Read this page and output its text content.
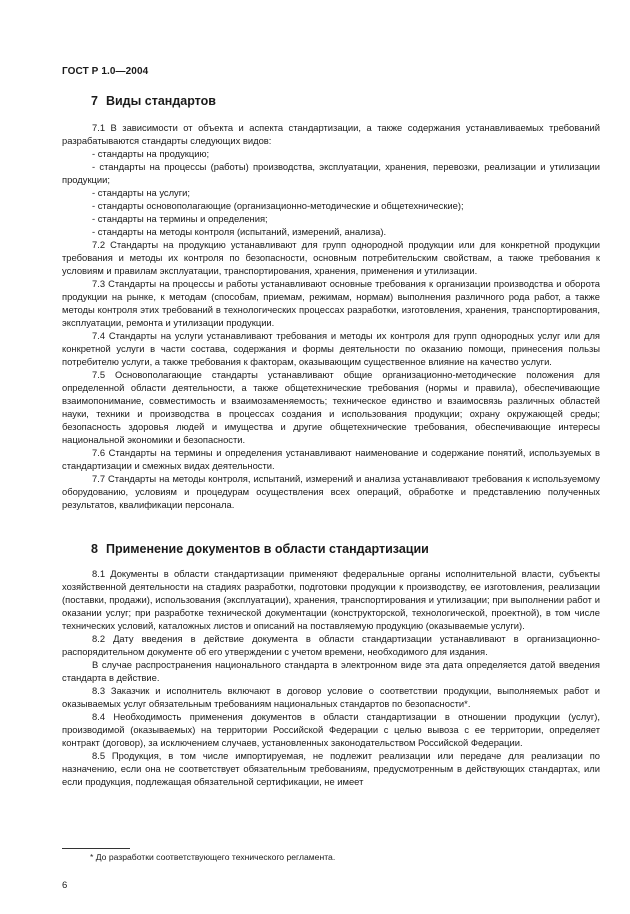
ГОСТ Р 1.0—2004
7 Виды стандартов

7.1 В зависимости от объекта и аспекта стандартизации, а также содержания устанавливаемых требований разрабатываются стандарты следующих видов:

- стандарты на продукцию;

- стандарты на процессы (работы) производства, эксплуатации, хранения, перевозки, реализации и утилизации продукции;

- стандарты на услуги;

- стандарты основополагающие (организационно-методические и общетехнические);

- стандарты на термины и определения;

- стандарты на методы контроля (испытаний, измерений, анализа).

7.2 Стандарты на продукцию устанавливают для групп однородной продукции или для конкретной продукции требования и методы их контроля по безопасности, основным потребительским свойствам, а также требования к условиям и правилам эксплуатации, транспортирования, хранения, применения и утилизации.

7.3 Стандарты на процессы и работы устанавливают основные требования к организации производства и оборота продукции на рынке, к методам (способам, приемам, режимам, нормам) выполнения различного рода работ, а также методы контроля этих требований в технологических процессах разработки, изготовления, хранения, транспортирования, эксплуатации, ремонта и утилизации продукции.

7.4 Стандарты на услуги устанавливают требования и методы их контроля для групп однородных услуг или для конкретной услуги в части состава, содержания и формы деятельности по оказанию помощи, принесения пользы потребителю услуги, а также требования к факторам, оказывающим существенное влияние на качество услуги.

7.5 Основополагающие стандарты устанавливают общие организационно-методические положения для определенной области деятельности, а также общетехнические требования (нормы и правила), обеспечивающие взаимопонимание, совместимость и взаимозаменяемость; техническое единство и взаимосвязь различных областей науки, техники и производства в процессах создания и использования продукции; охрану окружающей среды; безопасность здоровья людей и имущества и другие общетехнические требования, обеспечивающие интересы национальной экономики и безопасности.

7.6 Стандарты на термины и определения устанавливают наименование и содержание понятий, используемых в стандартизации и смежных видах деятельности.

7.7 Стандарты на методы контроля, испытаний, измерений и анализа устанавливают требования к используемому оборудованию, условиям и процедурам осуществления всех операций, обработке и представлению полученных результатов, квалификации персонала.

8 Применение документов в области стандартизации

8.1 Документы в области стандартизации применяют федеральные органы исполнительной власти, субъекты хозяйственной деятельности на стадиях разработки, подготовки продукции к производству, ее изготовления, реализации (поставки, продажи), использования (эксплуатации), хранения, транспортирования и утилизации; при выполнении работ и оказании услуг; при разработке технической документации (конструкторской, технологической, проектной), в том числе технических условий, каталожных листов и описаний на поставляемую продукцию (оказываемые услуги).

8.2 Дату введения в действие документа в области стандартизации устанавливают в организационно-распорядительном документе об его утверждении с учетом времени, необходимого для издания.

В случае распространения национального стандарта в электронном виде эта дата определяется датой введения стандарта в действие.

8.3 Заказчик и исполнитель включают в договор условие о соответствии продукции, выполняемых работ и оказываемых услуг обязательным требованиям национальных стандартов по безопасности*.

8.4 Необходимость применения документов в области стандартизации в отношении продукции (услуг), производимой (оказываемых) на территории Российской Федерации с целью вывоза с ее территории, определяет контракт (договор), за исключением случаев, установленных законодательством Российской Федерации.

8.5 Продукция, в том числе импортируемая, не подлежит реализации или передаче для реализации по назначению, если она не соответствует обязательным требованиям, предусмотренным в действующих стандартах, или если продукция, подлежащая обязательной сертификации, не имеет

* До разработки соответствующего технического регламента.
6
